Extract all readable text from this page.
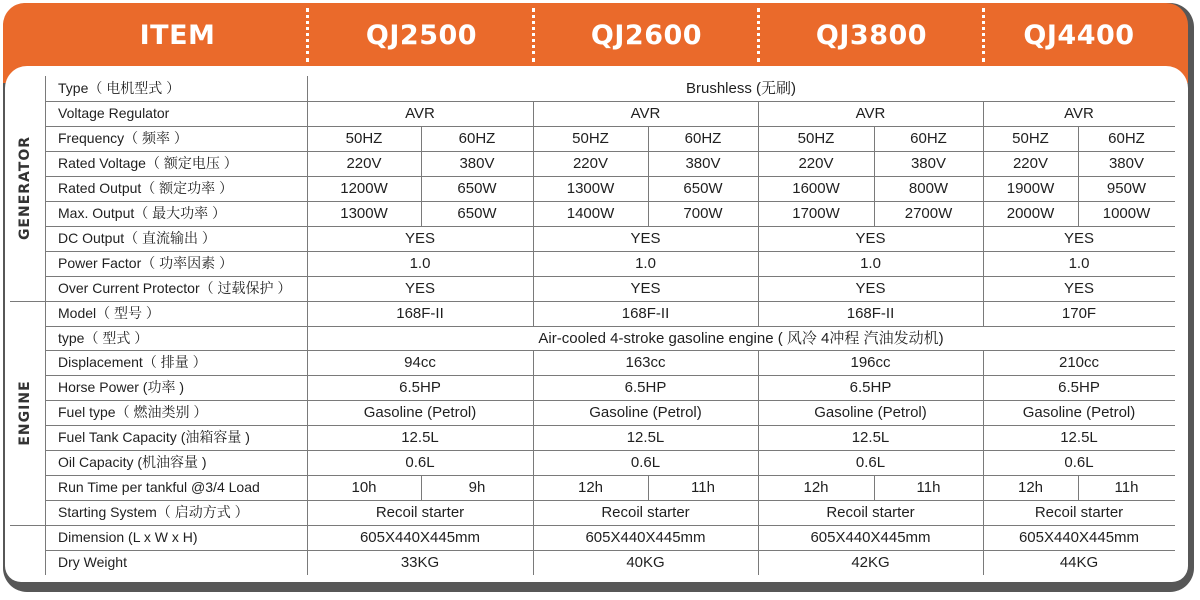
ITEM	QJ2500	QJ2600	QJ3800	QJ4400
GENERATOR
ENGINE
Type（ 电机型式 ）	Brushless (无刷)
Voltage Regulator	AVR	AVR	AVR	AVR
Frequency（ 频率 ）	50HZ	60HZ	50HZ	60HZ	50HZ	60HZ	50HZ	60HZ
Rated Voltage（ 额定电压 ）	220V	380V	220V	380V	220V	380V	220V	380V
Rated Output（ 额定功率 ）	1200W	650W	1300W	650W	1600W	800W	1900W	950W
Max. Output（ 最大功率 ）	1300W	650W	1400W	700W	1700W	2700W	2000W	1000W
DC Output（ 直流输出 ）	YES	YES	YES	YES
Power Factor（ 功率因素 ）	1.0	1.0	1.0	1.0
Over Current Protector（ 过载保护 ）	YES	YES	YES	YES
Model（ 型号 ）	168F-II	168F-II	168F-II	170F
type（ 型式 ）	Air-cooled 4-stroke gasoline engine ( 风冷 4冲程 汽油发动机)
Displacement（ 排量 ）	94cc	163cc	196cc	210cc
Horse Power (功率 )	6.5HP	6.5HP	6.5HP	6.5HP
Fuel type（ 燃油类别 ）	Gasoline (Petrol)	Gasoline (Petrol)	Gasoline (Petrol)	Gasoline (Petrol)
Fuel Tank Capacity (油箱容量 )	12.5L	12.5L	12.5L	12.5L
Oil Capacity (机油容量 )	0.6L	0.6L	0.6L	0.6L
Run Time per tankful @3/4 Load	10h	9h	12h	11h	12h	11h	12h	11h
Starting System（ 启动方式 ）	Recoil starter	Recoil starter	Recoil starter	Recoil starter
Dimension (L x W x H)	605X440X445mm	605X440X445mm	605X440X445mm	605X440X445mm
Dry Weight	33KG	40KG	42KG	44KG
